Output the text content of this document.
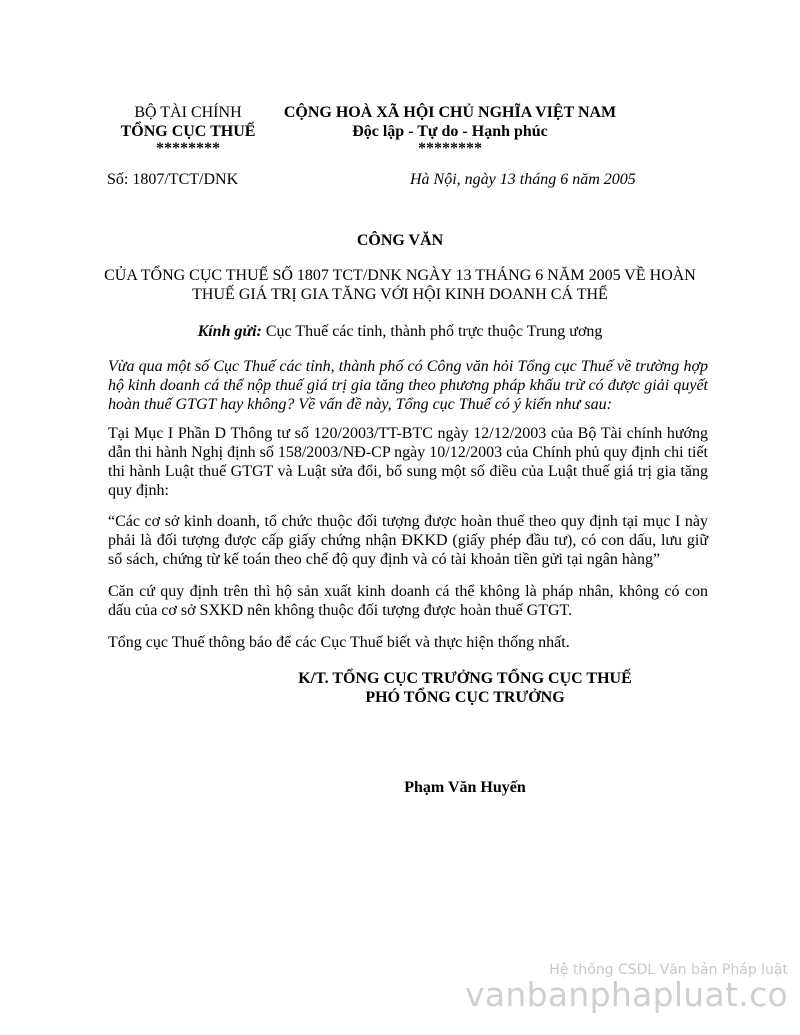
BỘ TÀI CHÍNH
TỔNG CỤC THUẾ
********
CỘNG HOÀ XÃ HỘI CHỦ NGHĨA VIỆT NAM
Độc lập - Tự do - Hạnh phúc
********
Số: 1807/TCT/DNK	Hà Nội, ngày 13 tháng 6 năm 2005
CÔNG VĂN
CỦA TỔNG CỤC THUẾ SỐ 1807 TCT/DNK NGÀY 13 THÁNG 6 NĂM 2005 VỀ HOÀN THUẾ GIÁ TRỊ GIA TĂNG VỚI HỘI KINH DOANH CÁ THỂ
Kính gửi: Cục Thuế các tỉnh, thành phố trực thuộc Trung ương
Vừa qua một số Cục Thuế các tỉnh, thành phố có Công văn hỏi Tổng cục Thuế về trường hợp hộ kinh doanh cá thể nộp thuế giá trị gia tăng theo phương pháp khấu trừ có được giải quyết hoàn thuế GTGT hay không? Về vấn đề này, Tổng cục Thuế có ý kiến như sau:
Tại Mục I Phần D Thông tư số 120/2003/TT-BTC ngày 12/12/2003 của Bộ Tài chính hướng dẫn thi hành Nghị định số 158/2003/NĐ-CP ngày 10/12/2003 của Chính phủ quy định chi tiết thi hành Luật thuế GTGT và Luật sửa đổi, bổ sung một số điều của Luật thuế giá trị gia tăng quy định:
“Các cơ sở kinh doanh, tổ chức thuộc đối tượng được hoàn thuế theo quy định tại mục I này phải là đối tượng được cấp giấy chứng nhận ĐKKD (giấy phép đầu tư), có con dấu, lưu giữ sổ sách, chứng từ kế toán theo chế độ quy định và có tài khoản tiền gửi tại ngân hàng”
Căn cứ quy định trên thì hộ sản xuất kinh doanh cá thể không là pháp nhân, không có con dấu của cơ sở SXKD nên không thuộc đối tượng được hoàn thuế GTGT.
Tổng cục Thuế thông báo để các Cục Thuế biết và thực hiện thống nhất.
K/T. TỔNG CỤC TRƯỞNG TỔNG CỤC THUẾ
PHÓ TỔNG CỤC TRƯỞNG
Phạm Văn Huyến
Hệ thống CSDL Văn bản Pháp luật
vanbanphapluat.co
